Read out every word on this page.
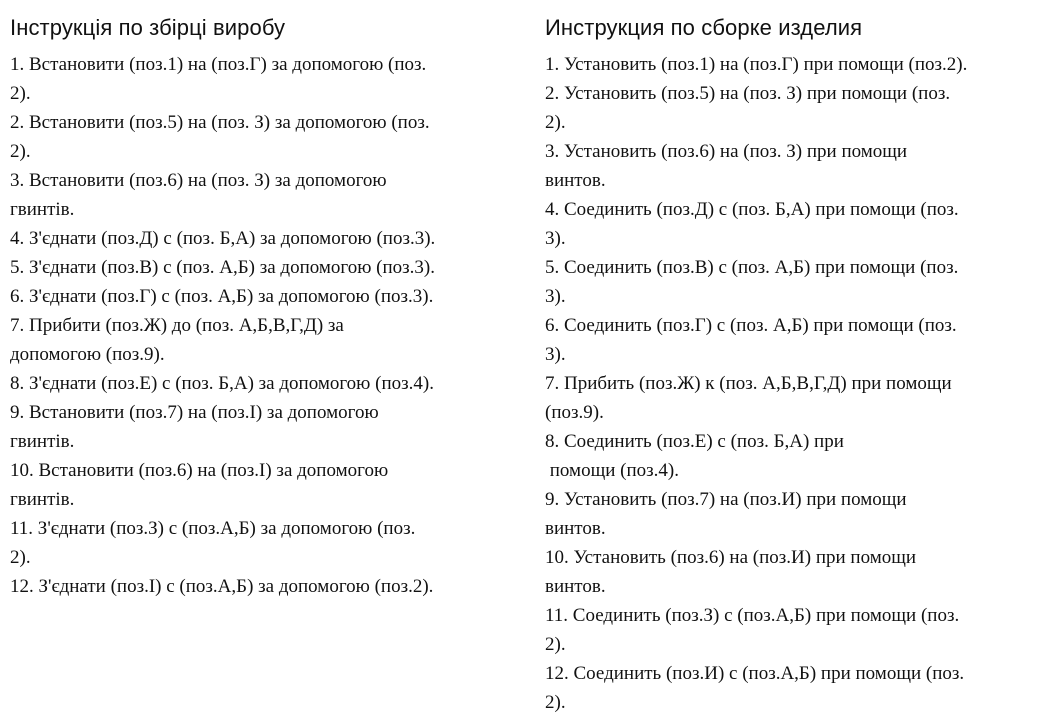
Інструкція по збірці виробу
1. Встановити (поз.1) на (поз.Г) за допомогою (поз.
2).
2. Встановити (поз.5) на (поз. З) за допомогою (поз.
2).
3. Встановити (поз.6) на (поз. З) за допомогою
гвинтів.
4. З'єднати (поз.Д) с (поз. Б,А) за допомогою (поз.3).
5. З'єднати (поз.В) с (поз. А,Б) за допомогою (поз.3).
6. З'єднати (поз.Г) с (поз. А,Б) за допомогою (поз.3).
7. Прибити (поз.Ж) до (поз. А,Б,В,Г,Д) за
допомогою (поз.9).
8. З'єднати (поз.Е) с (поз. Б,А) за допомогою (поз.4).
9. Встановити (поз.7) на (поз.І) за допомогою
гвинтів.
10. Встановити (поз.6) на (поз.І) за допомогою
гвинтів.
11. З'єднати (поз.З) с (поз.А,Б) за допомогою (поз.
2).
12. З'єднати (поз.І) с (поз.А,Б) за допомогою (поз.2).
Инструкция по сборке изделия
1. Установить (поз.1) на (поз.Г) при помощи (поз.2).
2. Установить (поз.5) на (поз. З) при помощи (поз.
2).
3. Установить (поз.6) на (поз. З) при помощи
винтов.
4. Соединить (поз.Д) с (поз. Б,А) при помощи (поз.
3).
5. Соединить (поз.В) с (поз. А,Б) при помощи (поз.
3).
6. Соединить (поз.Г) с (поз. А,Б) при помощи (поз.
3).
7. Прибить (поз.Ж) к (поз. А,Б,В,Г,Д) при помощи
(поз.9).
8. Соединить (поз.Е) с (поз. Б,А) при
помощи (поз.4).
9. Установить (поз.7) на (поз.И) при помощи
винтов.
10. Установить (поз.6) на (поз.И) при помощи
винтов.
11. Соединить (поз.З) с (поз.А,Б) при помощи (поз.
2).
12. Соединить (поз.И) с (поз.А,Б) при помощи (поз.
2).
